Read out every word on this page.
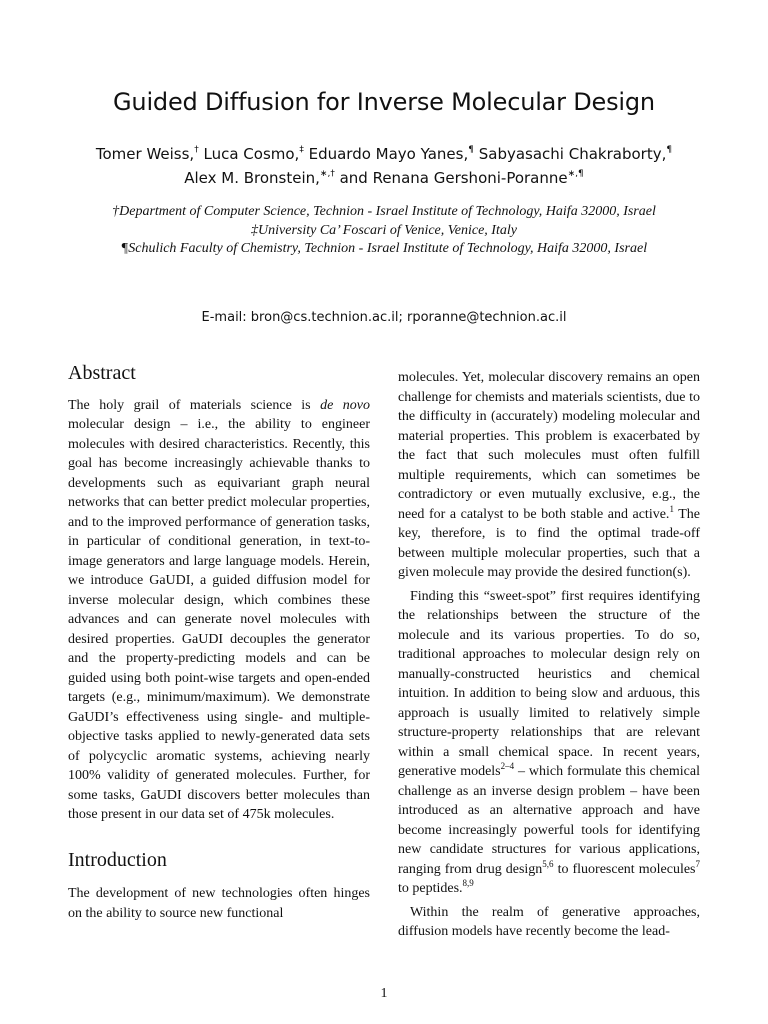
Guided Diffusion for Inverse Molecular Design
Tomer Weiss,† Luca Cosmo,‡ Eduardo Mayo Yanes,¶ Sabyasachi Chakraborty,¶
Alex M. Bronstein,∗,† and Renana Gershoni-Poranne∗,¶

†Department of Computer Science, Technion - Israel Institute of Technology, Haifa 32000, Israel

‡University Ca’ Foscari of Venice, Venice, Italy

¶Schulich Faculty of Chemistry, Technion - Israel Institute of Technology, Haifa 32000, Israel

E-mail: bron@cs.technion.ac.il; rporanne@technion.ac.il
Abstract

The holy grail of materials science is de novo molecular design – i.e., the ability to engineer molecules with desired characteristics. Recently, this goal has become increasingly achievable thanks to developments such as equivariant graph neural networks that can better predict molecular properties, and to the improved performance of generation tasks, in particular of conditional generation, in text-to-image generators and large language models. Herein, we introduce GaUDI, a guided diffusion model for inverse molecular design, which combines these advances and can generate novel molecules with desired properties. GaUDI decouples the generator and the property-predicting models and can be guided using both point-wise targets and open-ended targets (e.g., minimum/maximum). We demonstrate GaUDI’s effectiveness using single- and multiple-objective tasks applied to newly-generated data sets of polycyclic aromatic systems, achieving nearly 100% validity of generated molecules. Further, for some tasks, GaUDI discovers better molecules than those present in our data set of 475k molecules.

Introduction

The development of new technologies often hinges on the ability to source new functional

molecules. Yet, molecular discovery remains an open challenge for chemists and materials scientists, due to the difficulty in (accurately) modeling molecular and material properties. This problem is exacerbated by the fact that such molecules must often fulfill multiple requirements, which can sometimes be contradictory or even mutually exclusive, e.g., the need for a catalyst to be both stable and active.$^1$ The key, therefore, is to find the optimal trade-off between multiple molecular properties, such that a given molecule may provide the desired function(s).

Finding this “sweet-spot” first requires identifying the relationships between the structure of the molecule and its various properties. To do so, traditional approaches to molecular design rely on manually-constructed heuristics and chemical intuition. In addition to being slow and arduous, this approach is usually limited to relatively simple structure-property relationships that are relevant within a small chemical space. In recent years, generative models$^{2-4}$ – which formulate this chemical challenge as an inverse design problem – have been introduced as an alternative approach and have become increasingly powerful tools for identifying new candidate structures for various applications, ranging from drug design$^{5,6}$ to fluorescent molecules$^7$ to peptides.$^{8,9}$

Within the realm of generative approaches, diffusion models have recently become the lead-

1
